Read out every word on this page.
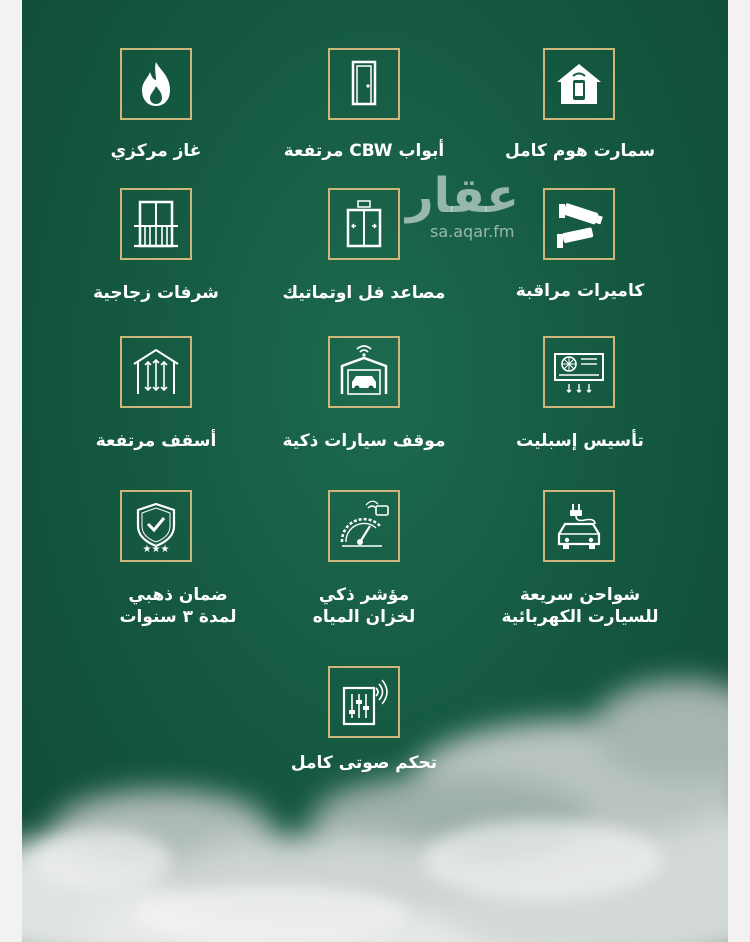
عقار
sa.aqar.fm
سمارت هوم كامل
أبواب CBW مرتفعة
غاز مركزي
كاميرات مراقبة
مصاعد فل اوتماتيك
شرفات زجاجية
تأسيس إسبليت
موقف سيارات ذكية
أسقف مرتفعة
شواحن سريعة
للسيارت الكهربائية
مؤشر ذكي
لخزان المياه
★★★
ضمان ذهبي
لمدة ٣ سنوات
تحكم صوتى كامل
